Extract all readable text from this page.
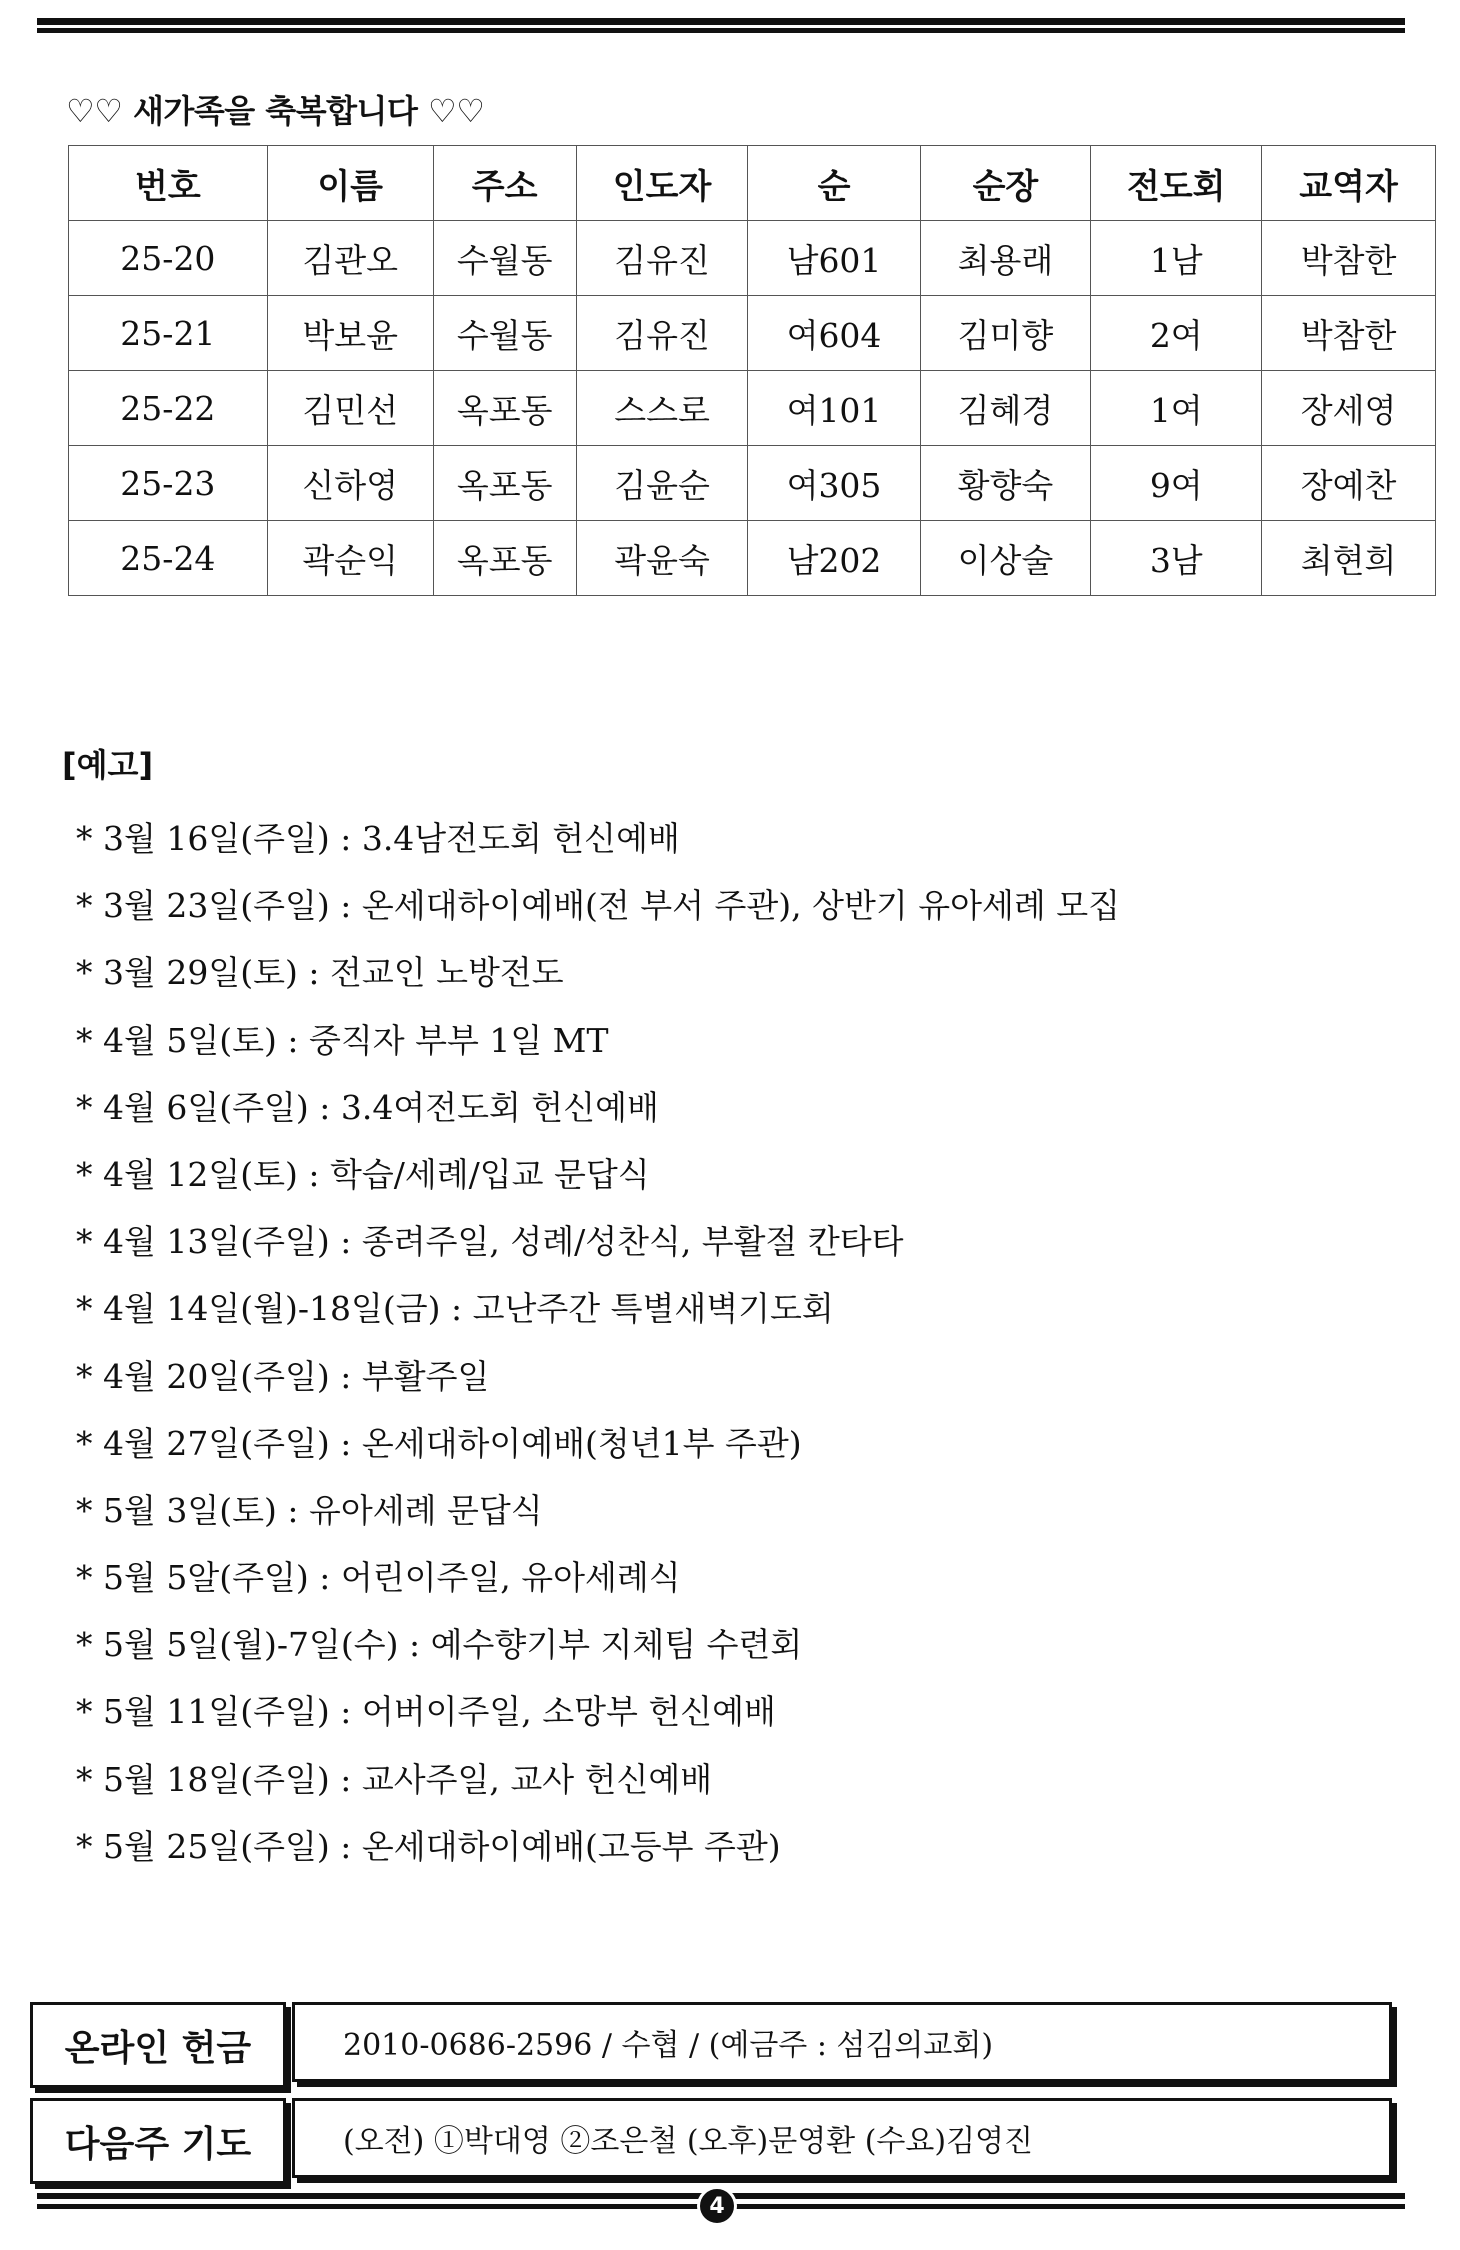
♡♡ 새가족을 축복합니다 ♡♡
번호	이름	주소	인도자	순	순장	전도회	교역자
25-20	김관오	수월동	김유진	남601	최용래	1남	박참한
25-21	박보윤	수월동	김유진	여604	김미향	2여	박참한
25-22	김민선	옥포동	스스로	여101	김혜경	1여	장세영
25-23	신하영	옥포동	김윤순	여305	황향숙	9여	장예찬
25-24	곽순익	옥포동	곽윤숙	남202	이상술	3남	최현희
[예고]
* 3월 16일(주일) : 3.4남전도회 헌신예배
* 3월 23일(주일) : 온세대하이예배(전 부서 주관), 상반기 유아세례 모집
* 3월 29일(토) : 전교인 노방전도
* 4월 5일(토) : 중직자 부부 1일 MT
* 4월 6일(주일) : 3.4여전도회 헌신예배
* 4월 12일(토) : 학습/세례/입교 문답식
* 4월 13일(주일) : 종려주일, 성례/성찬식, 부활절 칸타타
* 4월 14일(월)-18일(금) : 고난주간 특별새벽기도회
* 4월 20일(주일) : 부활주일
* 4월 27일(주일) : 온세대하이예배(청년1부 주관)
* 5월 3일(토) : 유아세례 문답식
* 5월 5알(주일) : 어린이주일, 유아세례식
* 5월 5일(월)-7일(수) : 예수향기부 지체팀 수련회
* 5월 11일(주일) : 어버이주일, 소망부 헌신예배
* 5월 18일(주일) : 교사주일, 교사 헌신예배
* 5월 25일(주일) : 온세대하이예배(고등부 주관)
온라인 헌금	2010-0686-2596 / 수협 / (예금주 : 섬김의교회)
다음주 기도	(오전) ①박대영 ②조은철 (오후)문영환 (수요)김영진
4
